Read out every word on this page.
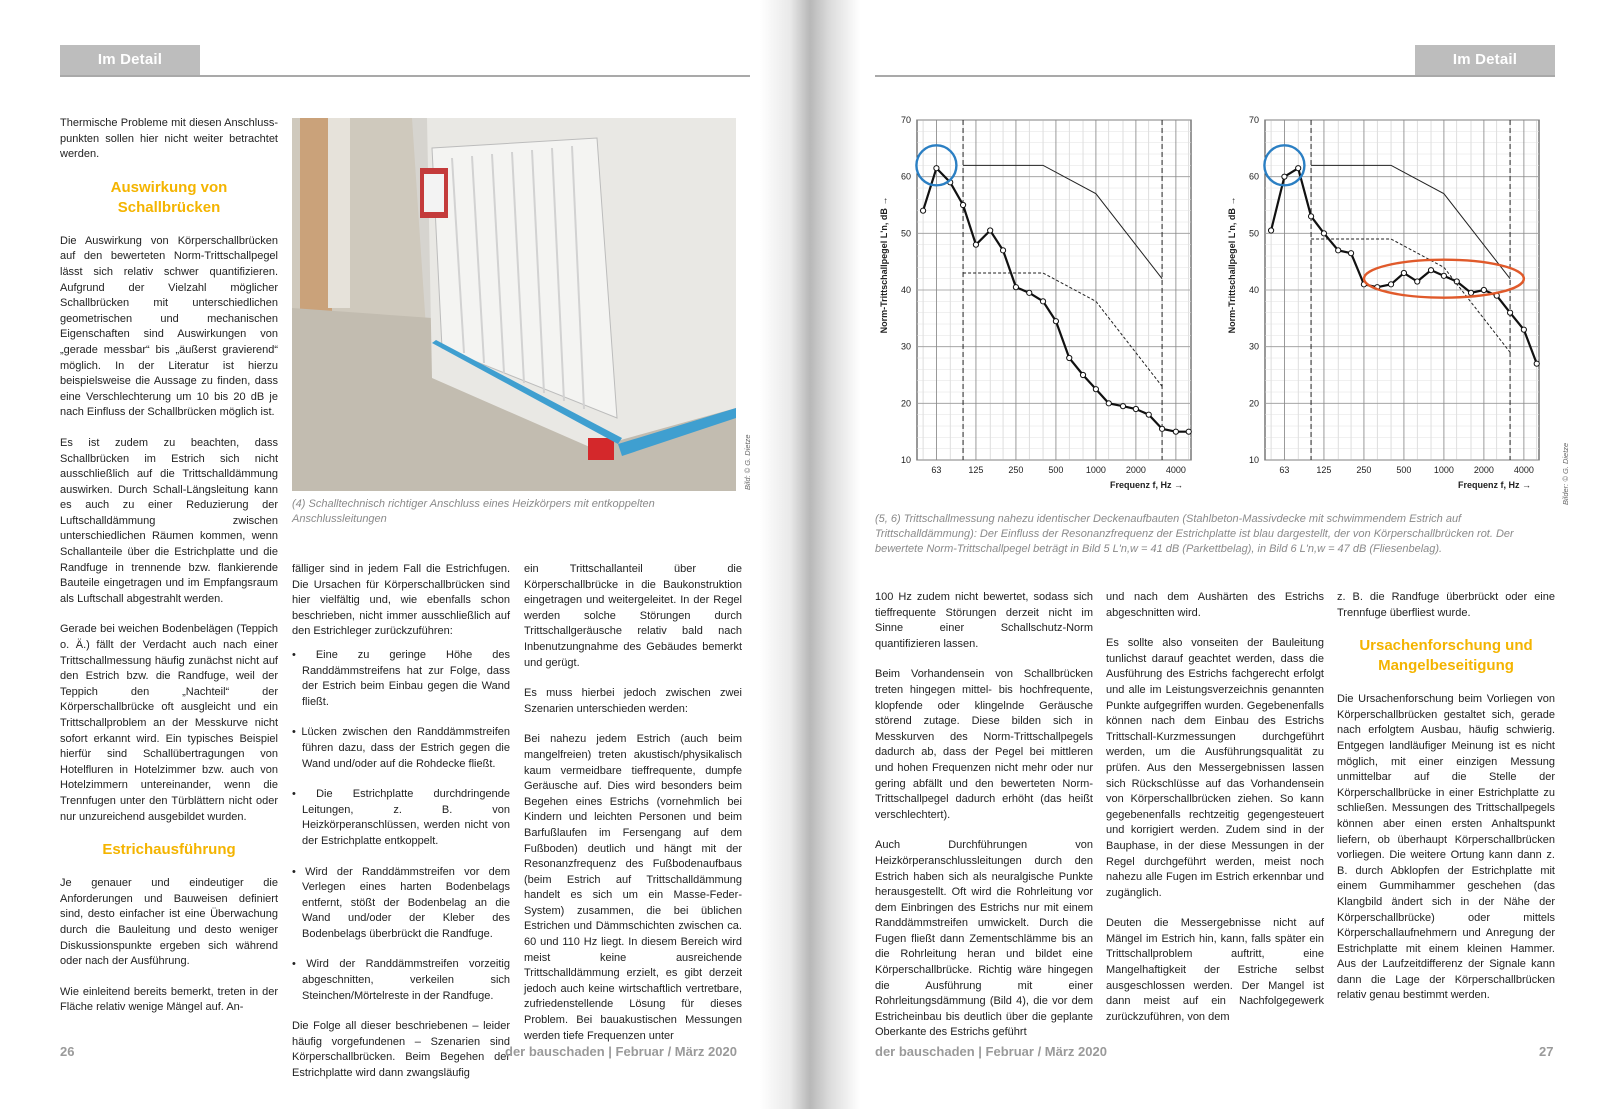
Im Detail

Thermische Probleme mit diesen Anschlusspunkten sollen hier nicht weiter betrachtet werden.

Auswirkung von Schallbrücken

Die Auswirkung von Körperschallbrücken auf den bewerteten Norm-Trittschallpegel lässt sich relativ schwer quantifizieren. Aufgrund der Vielzahl möglicher Schallbrücken mit unterschiedlichen geometrischen und mechanischen Eigenschaften sind Auswirkungen von „gerade messbar“ bis „äußerst gravierend“ möglich. In der Literatur ist hierzu beispielsweise die Aussage zu finden, dass eine Verschlechterung um 10 bis 20 dB je nach Einfluss der Schallbrücken möglich ist.

Es ist zudem zu beachten, dass Schallbrücken im Estrich sich nicht ausschließlich auf die Trittschalldämmung auswirken. Durch Schall-Längsleitung kann es auch zu einer Reduzierung der Luftschalldämmung zwischen unterschiedlichen Räumen kommen, wenn Schallanteile über die Estrichplatte und die Randfuge in trennende bzw. flankierende Bauteile eingetragen und im Empfangsraum als Luftschall abgestrahlt werden.

Gerade bei weichen Bodenbelägen (Teppich o. Ä.) fällt der Verdacht auch nach einer Trittschallmessung häufig zunächst nicht auf den Estrich bzw. die Randfuge, weil der Teppich den „Nachteil“ der Körperschallbrücke oft ausgleicht und ein Trittschallproblem an der Messkurve nicht sofort erkannt wird. Ein typisches Beispiel hierfür sind Schallübertragungen von Hotelfluren in Hotelzimmer bzw. auch von Hotelzimmern untereinander, wenn die Trennfugen unter den Türblättern nicht oder nur unzureichend ausgebildet wurden.

Estrichausführung

Je genauer und eindeutiger die Anforderungen und Bauweisen definiert sind, desto einfacher ist eine Überwachung durch die Bauleitung und desto weniger Diskussionspunkte ergeben sich während oder nach der Ausführung.

Wie einleitend bereits bemerkt, treten in der Fläche relativ wenige Mängel auf. An-

Bild: © G. Dietze
(4) Schalltechnisch richtiger Anschluss eines Heizkörpers mit entkoppelten Anschlussleitungen

fälliger sind in jedem Fall die Estrichfugen. Die Ursachen für Körperschallbrücken sind hier vielfältig und, wie ebenfalls schon beschrieben, nicht immer ausschließlich auf den Estrichleger zurückzuführen:

• Eine zu geringe Höhe des Randdämmstreifens hat zur Folge, dass der Estrich beim Einbau gegen die Wand fließt.

• Lücken zwischen den Randdämmstreifen führen dazu, dass der Estrich gegen die Wand und/oder auf die Rohdecke fließt.

• Die Estrichplatte durchdringende Leitungen, z. B. von Heizkörperanschlüssen, werden nicht von der Estrichplatte entkoppelt.

• Wird der Randdämmstreifen vor dem Verlegen eines harten Bodenbelags entfernt, stößt der Bodenbelag an die Wand und/oder der Kleber des Bodenbelags überbrückt die Randfuge.

• Wird der Randdämmstreifen vorzeitig abgeschnitten, verkeilen sich Steinchen/Mörtelreste in der Randfuge.

Die Folge all dieser beschriebenen – leider häufig vorgefundenen – Szenarien sind Körperschallbrücken. Beim Begehen der Estrichplatte wird dann zwangsläufig

ein Trittschallanteil über die Körperschallbrücke in die Baukonstruktion eingetragen und weitergeleitet. In der Regel werden solche Störungen durch Trittschallgeräusche relativ bald nach Inbenutzungnahme des Gebäudes bemerkt und gerügt.

Es muss hierbei jedoch zwischen zwei Szenarien unterschieden werden:

Bei nahezu jedem Estrich (auch beim mangelfreien) treten akustisch/physikalisch kaum vermeidbare tieffrequente, dumpfe Geräusche auf. Dies wird besonders beim Begehen eines Estrichs (vornehmlich bei Kindern und leichten Personen und beim Barfußlaufen im Fersengang auf dem Fußboden) deutlich und hängt mit der Resonanzfrequenz des Fußbodenaufbaus (beim Estrich auf Trittschalldämmung handelt es sich um ein Masse-Feder-System) zusammen, die bei üblichen Estrichen und Dämmschichten zwischen ca. 60 und 110 Hz liegt. In diesem Bereich wird meist keine ausreichende Trittschalldämmung erzielt, es gibt derzeit jedoch auch keine wirtschaftlich vertretbare, zufriedenstellende Lösung für dieses Problem. Bei bauakustischen Messungen werden tiefe Frequenzen unter

26	der bauschaden | Februar / März 2020
Im Detail
10
20
30
40
50
60
70
63	125	250	500 1000 2000 4000
Frequenz f, Hz →
Norm-Trittschallpegel L'n, dB →
10
20
30
40
50
60
70
63	125	250	500 1000 2000 4000
Frequenz f, Hz →
Norm-Trittschallpegel L'n, dB →
Bilder: © G. Dietze
(5, 6) Trittschallmessung nahezu identischer Deckenaufbauten (Stahlbeton-Massivdecke mit schwimmendem Estrich auf Trittschalldämmung): Der Einfluss der Resonanzfrequenz der Estrichplatte ist blau dargestellt, der von Körperschallbrücken rot. Der bewertete Norm-Trittschallpegel beträgt in Bild 5 L'n,w = 41 dB (Parkettbelag), in Bild 6 L'n,w = 47 dB (Fliesenbelag).

100 Hz zudem nicht bewertet, sodass sich tieffrequente Störungen derzeit nicht im Sinne einer Schallschutz-Norm quantifizieren lassen.

Beim Vorhandensein von Schallbrücken treten hingegen mittel- bis hochfrequente, klopfende oder klingelnde Geräusche störend zutage. Diese bilden sich in Messkurven des Norm-Trittschallpegels dadurch ab, dass der Pegel bei mittleren und hohen Frequenzen nicht mehr oder nur gering abfällt und den bewerteten Norm-Trittschallpegel dadurch erhöht (das heißt verschlechtert).

Auch Durchführungen von Heizkörperanschlussleitungen durch den Estrich haben sich als neuralgische Punkte herausgestellt. Oft wird die Rohrleitung vor dem Einbringen des Estrichs nur mit einem Randdämmstreifen umwickelt. Durch die Fugen fließt dann Zementschlämme bis an die Rohrleitung heran und bildet eine Körperschallbrücke. Richtig wäre hingegen die Ausführung mit einer Rohrleitungsdämmung (Bild 4), die vor dem Estricheinbau bis deutlich über die geplante Oberkante des Estrichs geführt

und nach dem Aushärten des Estrichs abgeschnitten wird.

Es sollte also vonseiten der Bauleitung tunlichst darauf geachtet werden, dass die Ausführung des Estrichs fachgerecht erfolgt und alle im Leistungsverzeichnis genannten Punkte aufgegriffen wurden. Gegebenenfalls können nach dem Einbau des Estrichs Trittschall-Kurzmessungen durchgeführt werden, um die Ausführungsqualität zu prüfen. Aus den Messergebnissen lassen sich Rückschlüsse auf das Vorhandensein von Körperschallbrücken ziehen. So kann gegebenenfalls rechtzeitig gegengesteuert und korrigiert werden. Zudem sind in der Bauphase, in der diese Messungen in der Regel durchgeführt werden, meist noch nahezu alle Fugen im Estrich erkennbar und zugänglich.

Deuten die Messergebnisse nicht auf Mängel im Estrich hin, kann, falls später ein Trittschallproblem auftritt, eine Mangelhaftigkeit der Estriche selbst ausgeschlossen werden. Der Mangel ist dann meist auf ein Nachfolgegewerk zurückzuführen, von dem

z. B. die Randfuge überbrückt oder eine Trennfuge überfliest wurde.

Ursachenforschung und Mangelbeseitigung

Die Ursachenforschung beim Vorliegen von Körperschallbrücken gestaltet sich, gerade nach erfolgtem Ausbau, häufig schwierig. Entgegen landläufiger Meinung ist es nicht möglich, mit einer einzigen Messung unmittelbar auf die Stelle der Körperschallbrücke in einer Estrichplatte zu schließen. Messungen des Trittschallpegels können aber einen ersten Anhaltspunkt liefern, ob überhaupt Körperschallbrücken vorliegen. Die weitere Ortung kann dann z. B. durch Abklopfen der Estrichplatte mit einem Gummihammer geschehen (das Klangbild ändert sich in der Nähe der Körperschallbrücke) oder mittels Körperschallaufnehmern und Anregung der Estrichplatte mit einem kleinen Hammer. Aus der Laufzeitdifferenz der Signale kann dann die Lage der Körperschallbrücken relativ genau bestimmt werden.

der bauschaden | Februar / März 2020	27
